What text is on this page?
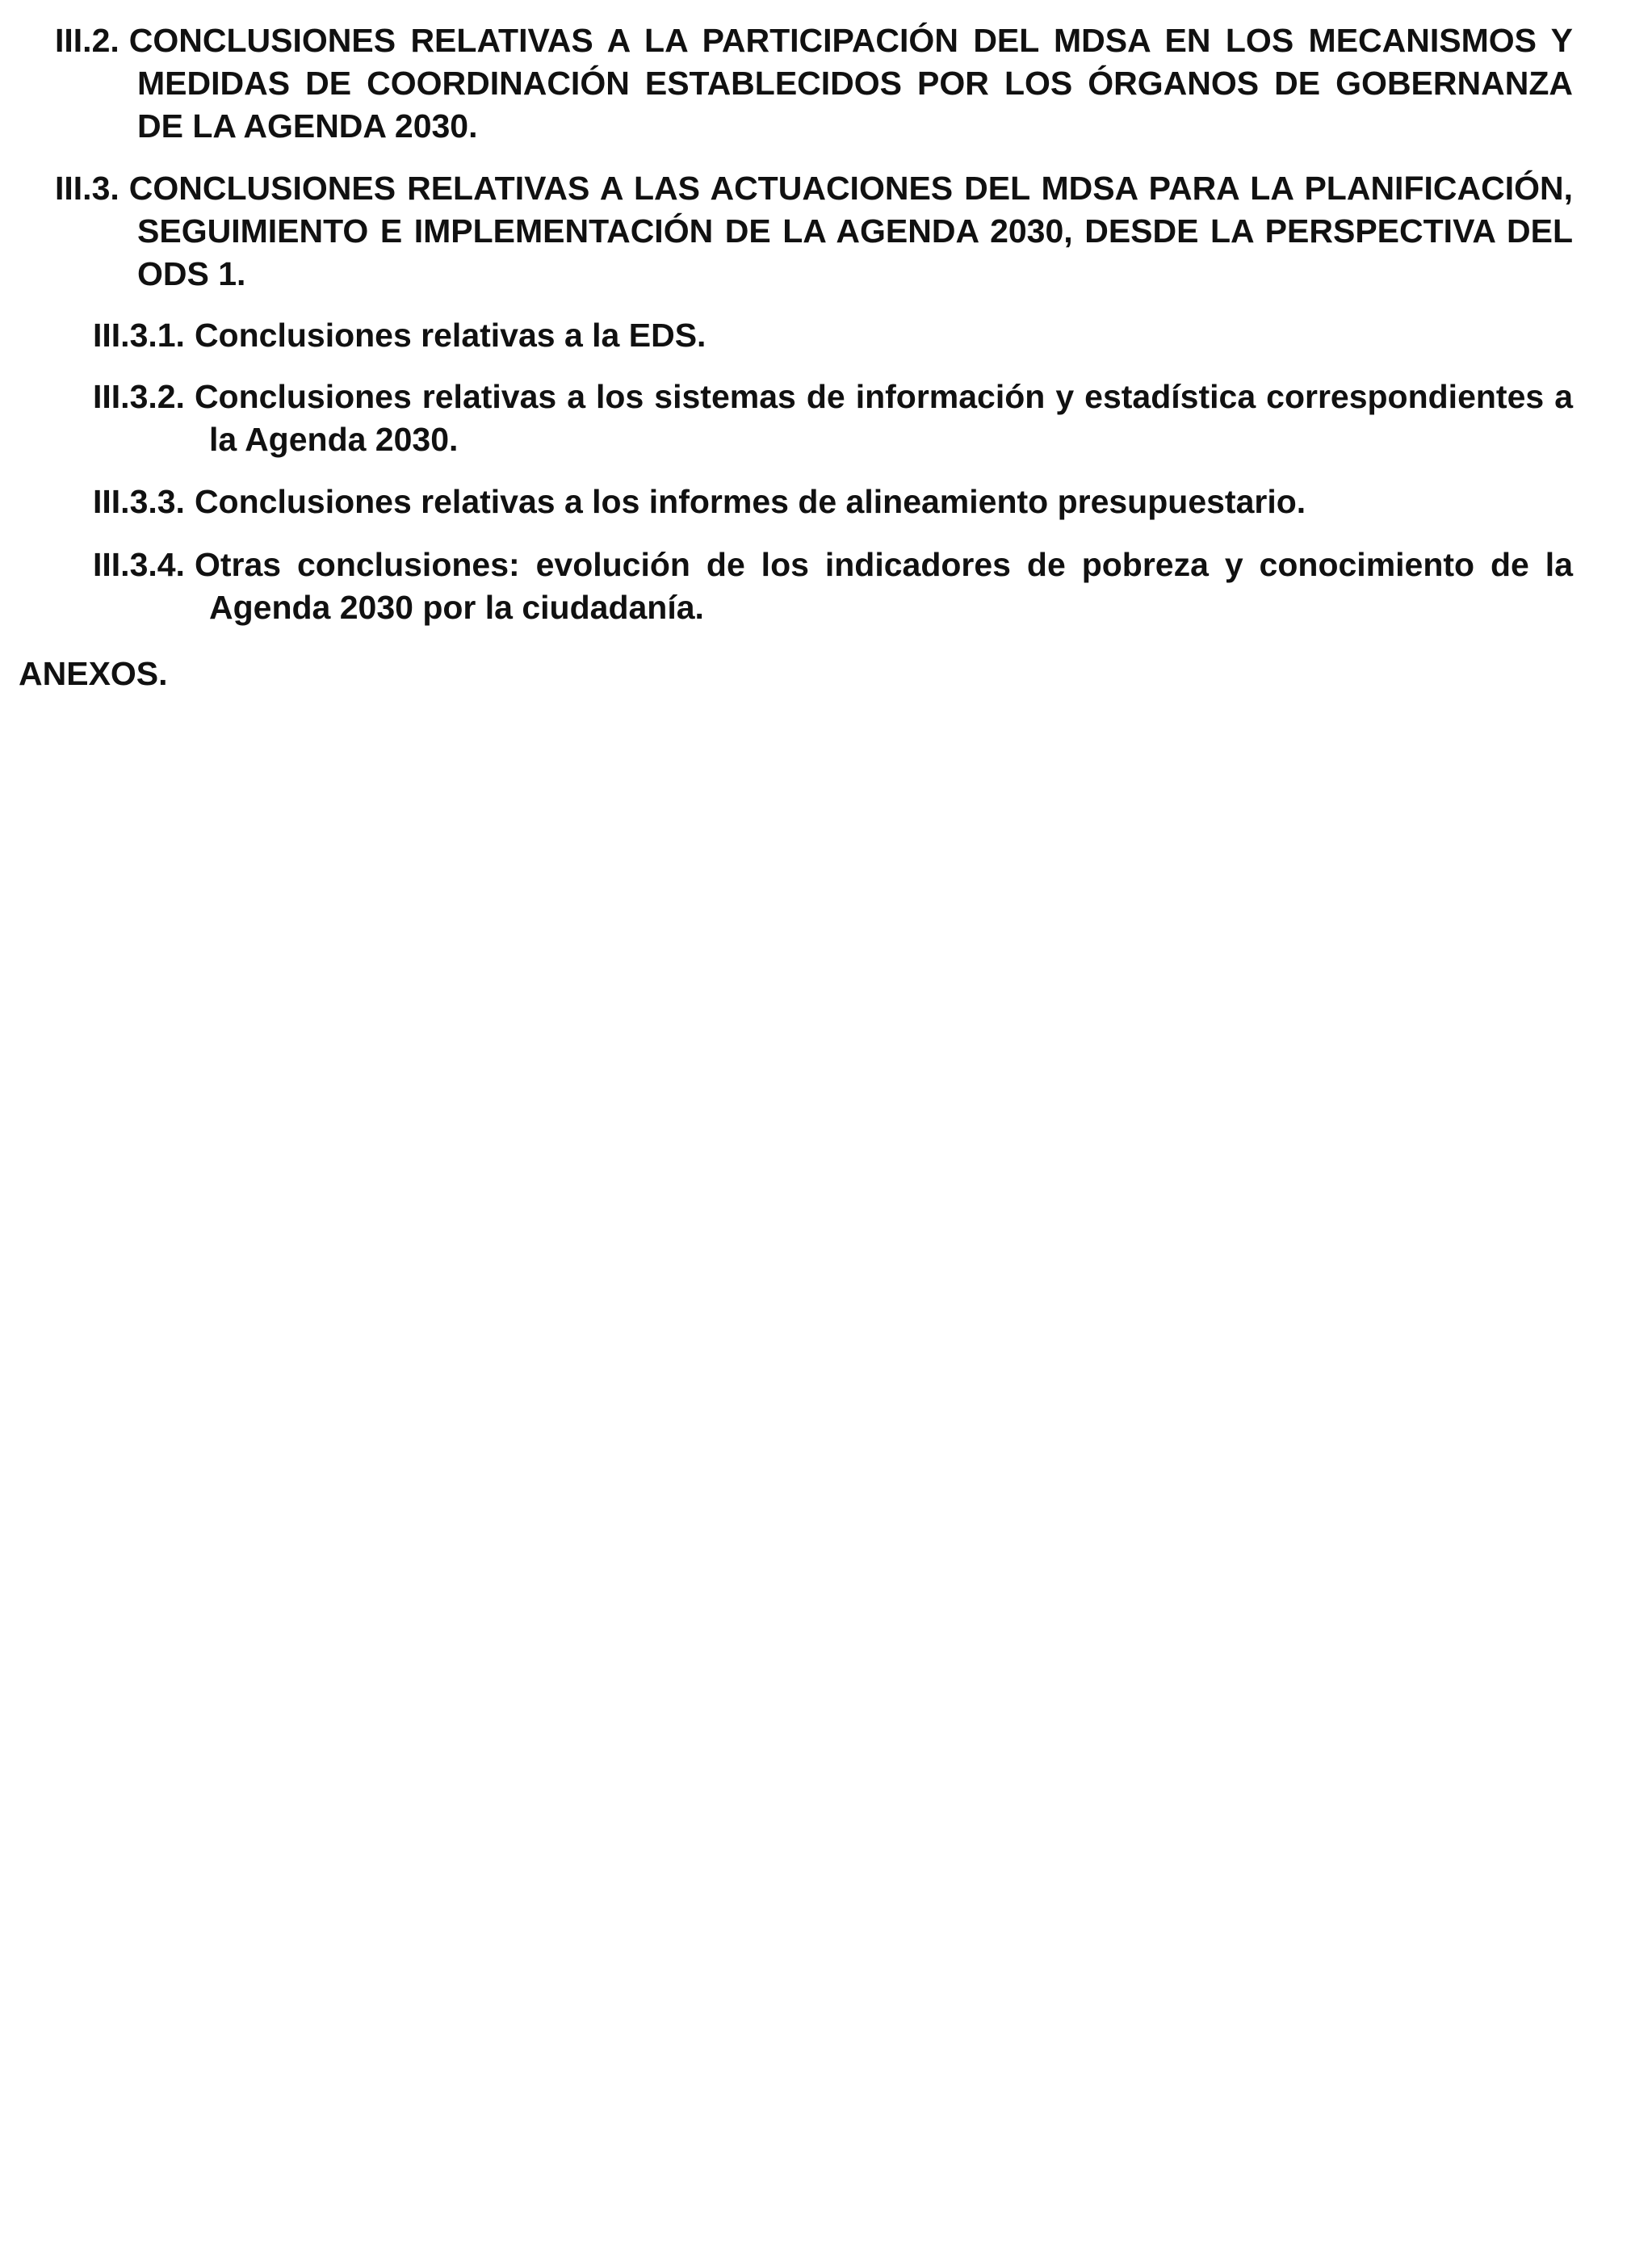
III.2. CONCLUSIONES RELATIVAS A LA PARTICIPACIÓN DEL MDSA EN LOS MECANISMOS Y MEDIDAS DE COORDINACIÓN ESTABLECIDOS POR LOS ÓRGANOS DE GOBERNANZA DE LA AGENDA 2030.

III.3. CONCLUSIONES RELATIVAS A LAS ACTUACIONES DEL MDSA PARA LA PLANIFICACIÓN, SEGUIMIENTO E IMPLEMENTACIÓN DE LA AGENDA 2030, DESDE LA PERSPECTIVA DEL ODS 1.

III.3.1. Conclusiones relativas a la EDS.

III.3.2. Conclusiones relativas a los sistemas de información y estadística correspondientes a la Agenda 2030.

III.3.3. Conclusiones relativas a los informes de alineamiento presupuestario.

III.3.4. Otras conclusiones: evolución de los indicadores de pobreza y conocimiento de la Agenda 2030 por la ciudadanía.

ANEXOS.
